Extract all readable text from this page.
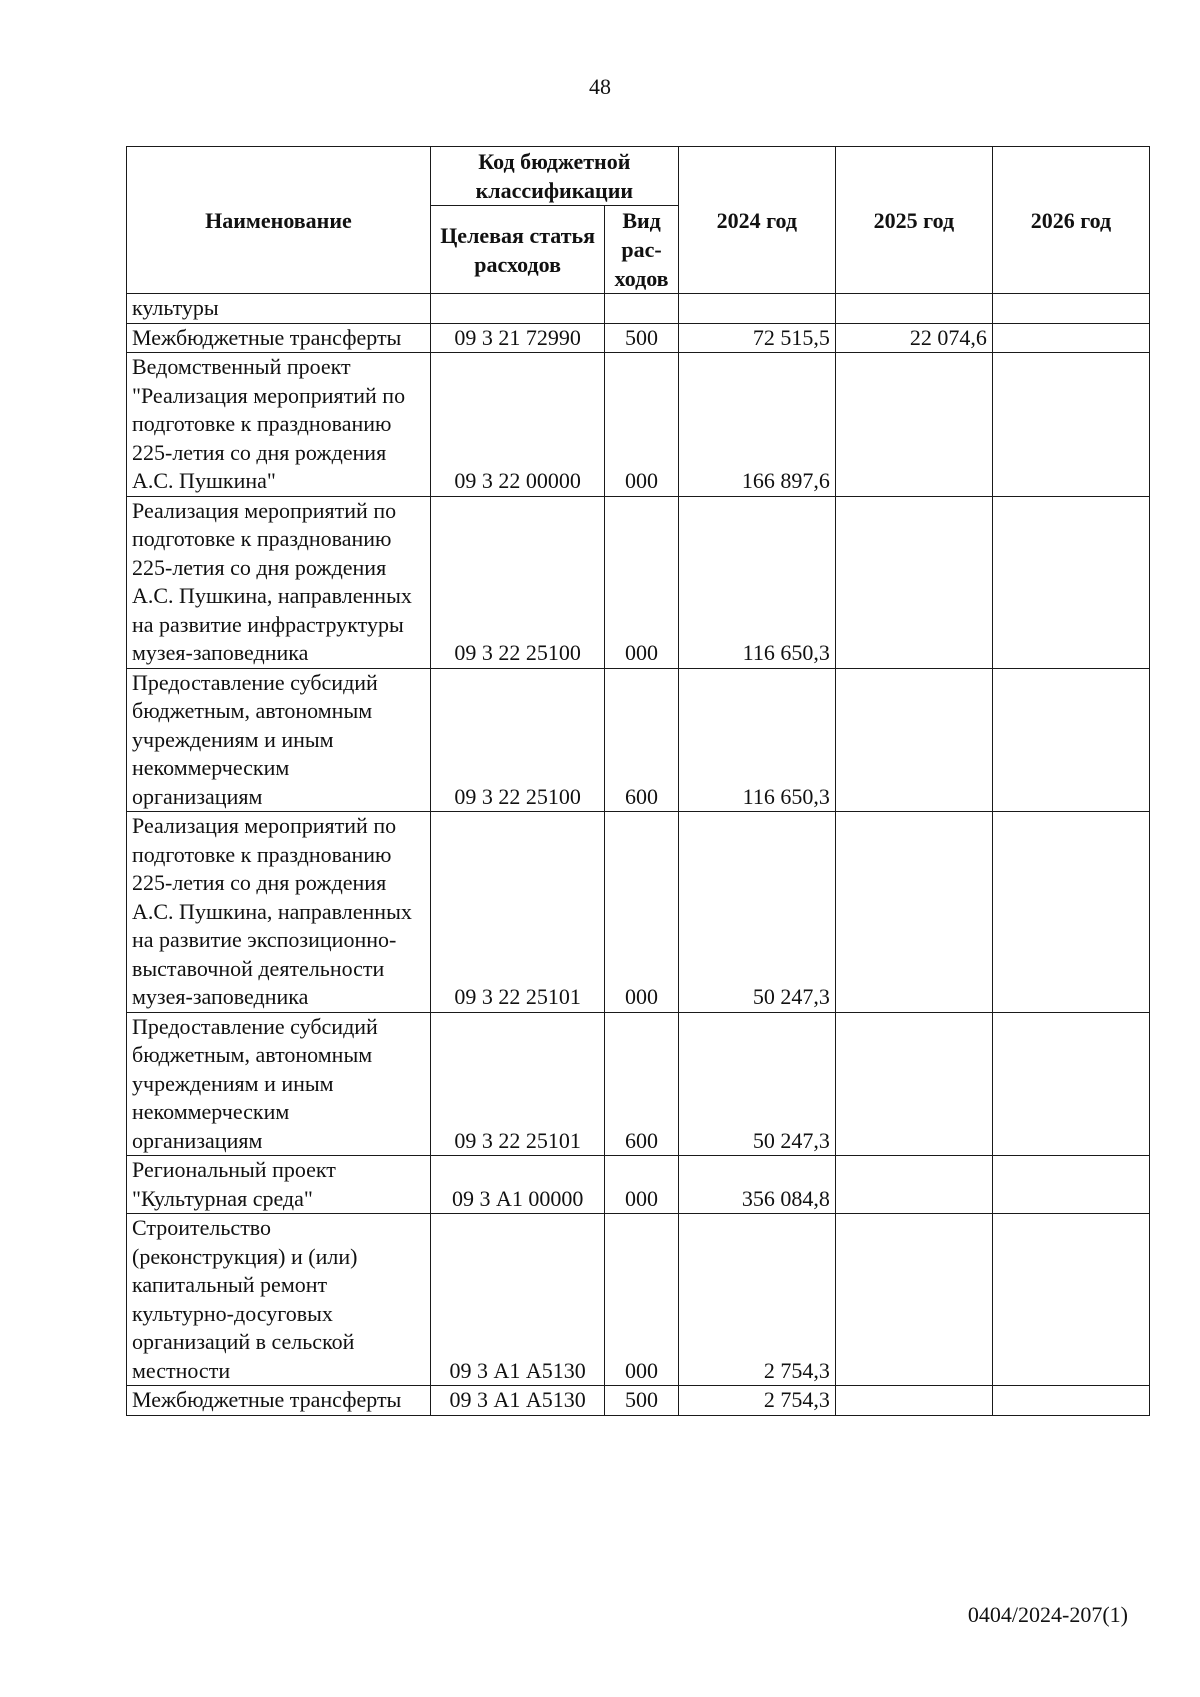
48
Наименование	Код бюджетной классификации		2024 год	2025 год	2026 год
	Целевая статья расходов	Вид рас-ходов			
культуры					
Межбюджетные трансферты	09 3 21 72990	500	72 515,5	22 074,6	
Ведомственный проект "Реализация мероприятий по подготовке к празднованию 225-летия со дня рождения А.С. Пушкина"	09 3 22 00000	000	166 897,6		
Реализация мероприятий по подготовке к празднованию 225-летия со дня рождения А.С. Пушкина, направленных на развитие инфраструктуры музея-заповедника	09 3 22 25100	000	116 650,3		
Предоставление субсидий бюджетным, автономным учреждениям и иным некоммерческим организациям	09 3 22 25100	600	116 650,3		
Реализация мероприятий по подготовке к празднованию 225-летия со дня рождения А.С. Пушкина, направленных на развитие экспозиционно-выставочной деятельности музея-заповедника	09 3 22 25101	000	50 247,3		
Предоставление субсидий бюджетным, автономным учреждениям и иным некоммерческим организациям	09 3 22 25101	600	50 247,3		
Региональный проект "Культурная среда"	09 3 А1 00000	000	356 084,8		
Строительство (реконструкция) и (или) капитальный ремонт культурно-досуговых организаций в сельской местности	09 3 А1 А5130	000	2 754,3		
Межбюджетные трансферты	09 3 А1 А5130	500	2 754,3		
0404/2024-207(1)
